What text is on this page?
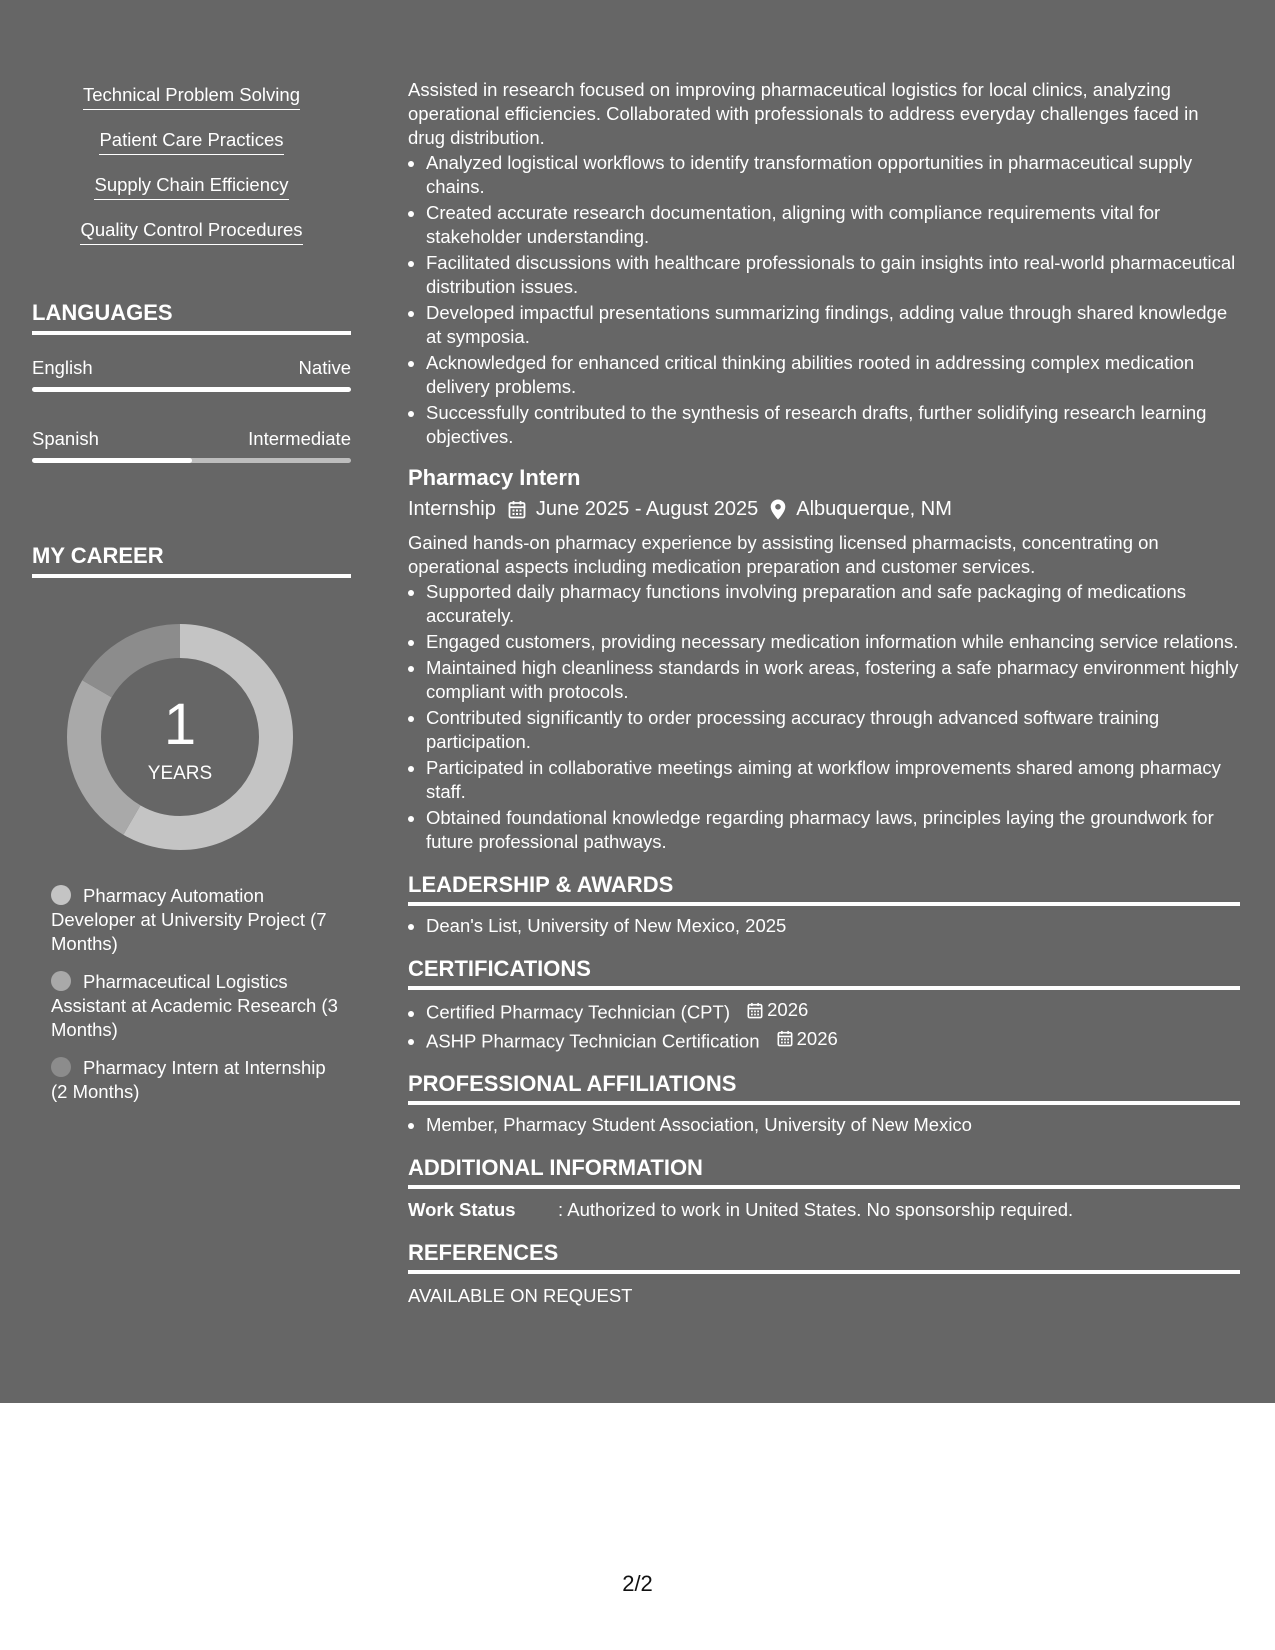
Technical Problem Solving
Patient Care Practices
Supply Chain Efficiency
Quality Control Procedures
LANGUAGES
English	Native
Spanish	Intermediate
MY CAREER
1
YEARS
Pharmacy Automation Developer at University Project (7 Months)
Pharmaceutical Logistics Assistant at Academic Research (3 Months)
Pharmacy Intern at Internship (2 Months)

Assisted in research focused on improving pharmaceutical logistics for local clinics, analyzing operational efficiencies. Collaborated with professionals to address everyday challenges faced in drug distribution.

• Analyzed logistical workflows to identify transformation opportunities in pharmaceutical supply chains.
• Created accurate research documentation, aligning with compliance requirements vital for stakeholder understanding.
• Facilitated discussions with healthcare professionals to gain insights into real-world pharmaceutical distribution issues.
• Developed impactful presentations summarizing findings, adding value through shared knowledge at symposia.
• Acknowledged for enhanced critical thinking abilities rooted in addressing complex medication delivery problems.
• Successfully contributed to the synthesis of research drafts, further solidifying research learning objectives.
Pharmacy Intern
Internship June 2025 - August 2025 Albuquerque, NM

Gained hands-on pharmacy experience by assisting licensed pharmacists, concentrating on operational aspects including medication preparation and customer services.

• Supported daily pharmacy functions involving preparation and safe packaging of medications accurately.
• Engaged customers, providing necessary medication information while enhancing service relations.
• Maintained high cleanliness standards in work areas, fostering a safe pharmacy environment highly compliant with protocols.
• Contributed significantly to order processing accuracy through advanced software training participation.
• Participated in collaborative meetings aiming at workflow improvements shared among pharmacy staff.
• Obtained foundational knowledge regarding pharmacy laws, principles laying the groundwork for future professional pathways.
LEADERSHIP & AWARDS
• Dean's List, University of New Mexico, 2025
CERTIFICATIONS
• Certified Pharmacy Technician (CPT) 2026
• ASHP Pharmacy Technician Certification 2026
PROFESSIONAL AFFILIATIONS
• Member, Pharmacy Student Association, University of New Mexico
ADDITIONAL INFORMATION
Work Status	: Authorized to work in United States. No sponsorship required.
REFERENCES
AVAILABLE ON REQUEST
2/2
